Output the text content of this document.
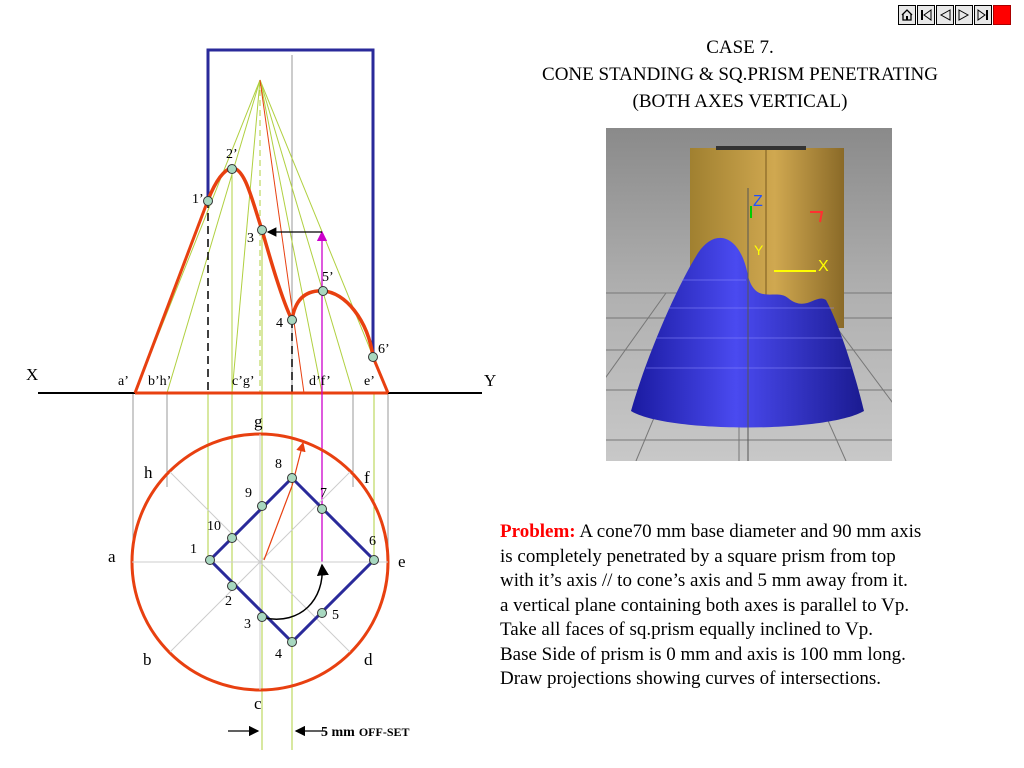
CASE 7.
CONE STANDING & SQ.PRISM PENETRATING
(BOTH AXES VERTICAL)
Z
X
Y
Problem: A cone70 mm base diameter and 90 mm axis
is completely penetrated by a square prism from top
with it’s axis // to cone’s axis and 5 mm away from it.
a vertical plane containing both axes is parallel to Vp.
Take all faces of sq.prism equally inclined to Vp.
Base Side of prism is 0 mm and axis is 100 mm long.
Draw projections showing curves of intersections.
X	Y
1’
2’
3
4
5’
6’
a’ b’h’	c’g’	d’f’ e’
1
2
3
4
5
6
7
8
9
10
a
b
c
d
e
f
g
h
5 mm OFF-SET
